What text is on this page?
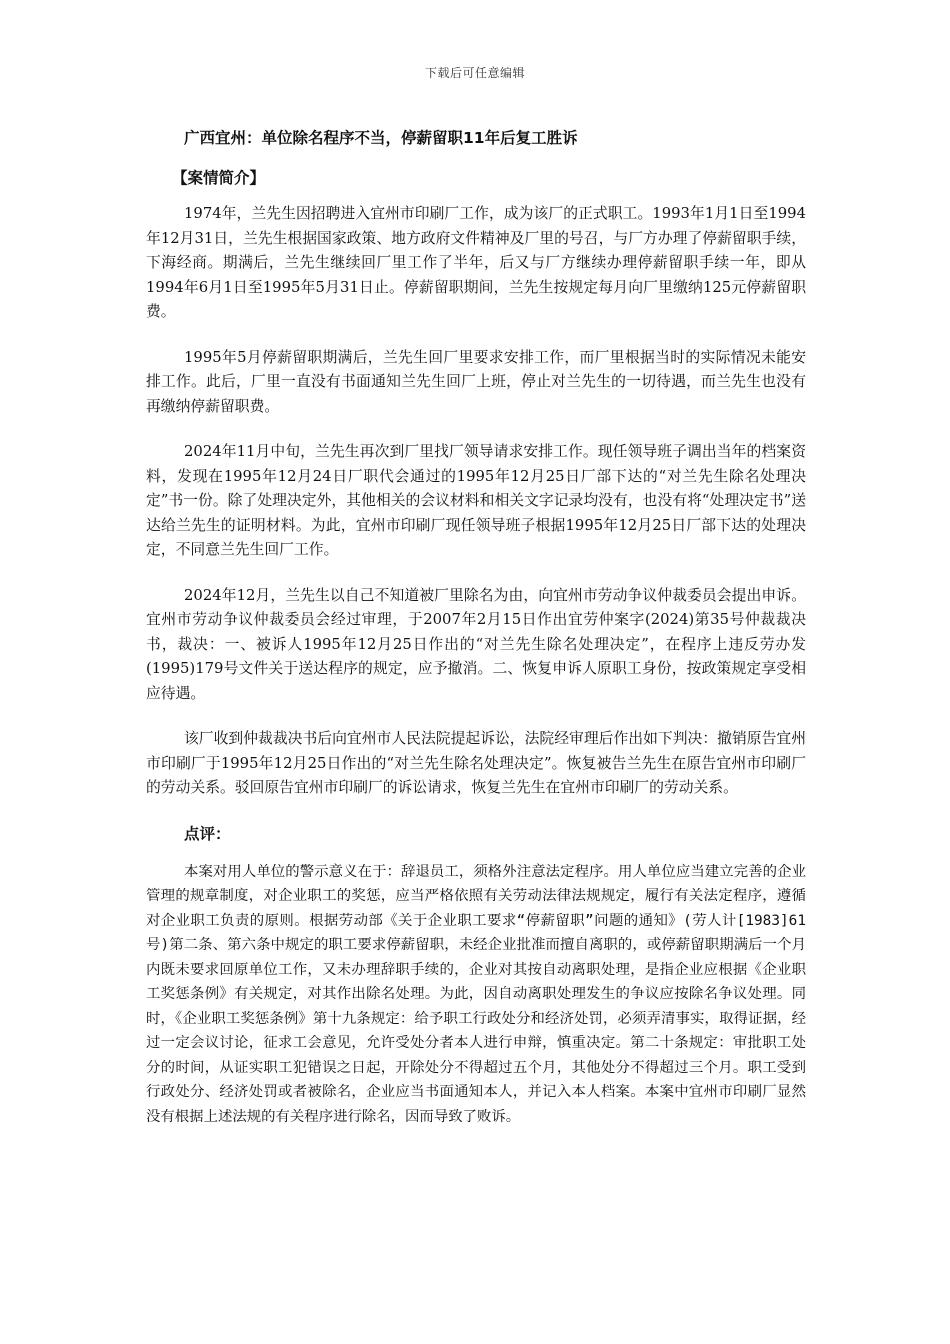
下载后可任意编辑
广西宜州：单位除名程序不当，停薪留职11年后复工胜诉
【案情简介】

1974年，兰先生因招聘进入宜州市印刷厂工作，成为该厂的正式职工。1993年1月1日至1994年12月31日，兰先生根据国家政策、地方政府文件精神及厂里的号召，与厂方办理了停薪留职手续，下海经商。期满后，兰先生继续回厂里工作了半年，后又与厂方继续办理停薪留职手续一年，即从1994年6月1日至1995年5月31日止。停薪留职期间，兰先生按规定每月向厂里缴纳125元停薪留职费。

1995年5月停薪留职期满后，兰先生回厂里要求安排工作，而厂里根据当时的实际情况未能安排工作。此后，厂里一直没有书面通知兰先生回厂上班，停止对兰先生的一切待遇，而兰先生也没有再缴纳停薪留职费。

2024年11月中旬，兰先生再次到厂里找厂领导请求安排工作。现任领导班子调出当年的档案资料，发现在1995年12月24日厂职代会通过的1995年12月25日厂部下达的“对兰先生除名处理决定”书一份。除了处理决定外，其他相关的会议材料和相关文字记录均没有，也没有将“处理决定书”送达给兰先生的证明材料。为此，宜州市印刷厂现任领导班子根据1995年12月25日厂部下达的处理决定，不同意兰先生回厂工作。

2024年12月，兰先生以自己不知道被厂里除名为由，向宜州市劳动争议仲裁委员会提出申诉。宜州市劳动争议仲裁委员会经过审理，于2007年2月15日作出宜劳仲案字(2024)第35号仲裁裁决书，裁决：一、被诉人1995年12月25日作出的“对兰先生除名处理决定”，在程序上违反劳办发(1995)179号文件关于送达程序的规定，应予撤消。二、恢复申诉人原职工身份，按政策规定享受相应待遇。

该厂收到仲裁裁决书后向宜州市人民法院提起诉讼，法院经审理后作出如下判决：撤销原告宜州市印刷厂于1995年12月25日作出的“对兰先生除名处理决定”。恢复被告兰先生在原告宜州市印刷厂的劳动关系。驳回原告宜州市印刷厂的诉讼请求，恢复兰先生在宜州市印刷厂的劳动关系。

点评：

本案对用人单位的警示意义在于：辞退员工，须格外注意法定程序。用人单位应当建立完善的企业管理的规章制度，对企业职工的奖惩，应当严格依照有关劳动法律法规规定，履行有关法定程序，遵循对企业职工负责的原则。根据劳动部《关于企业职工要求“停薪留职”问题的通知》(劳人计[1983]61号)第二条、第六条中规定的职工要求停薪留职，未经企业批准而擅自离职的，或停薪留职期满后一个月内既未要求回原单位工作，又未办理辞职手续的，企业对其按自动离职处理，是指企业应根据《企业职工奖惩条例》有关规定，对其作出除名处理。为此，因自动离职处理发生的争议应按除名争议处理。同时，《企业职工奖惩条例》第十九条规定：给予职工行政处分和经济处罚，必须弄清事实，取得证据，经过一定会议讨论，征求工会意见，允许受处分者本人进行申辩，慎重决定。第二十条规定：审批职工处分的时间，从证实职工犯错误之日起，开除处分不得超过五个月，其他处分不得超过三个月。职工受到行政处分、经济处罚或者被除名，企业应当书面通知本人，并记入本人档案。本案中宜州市印刷厂显然没有根据上述法规的有关程序进行除名，因而导致了败诉。
